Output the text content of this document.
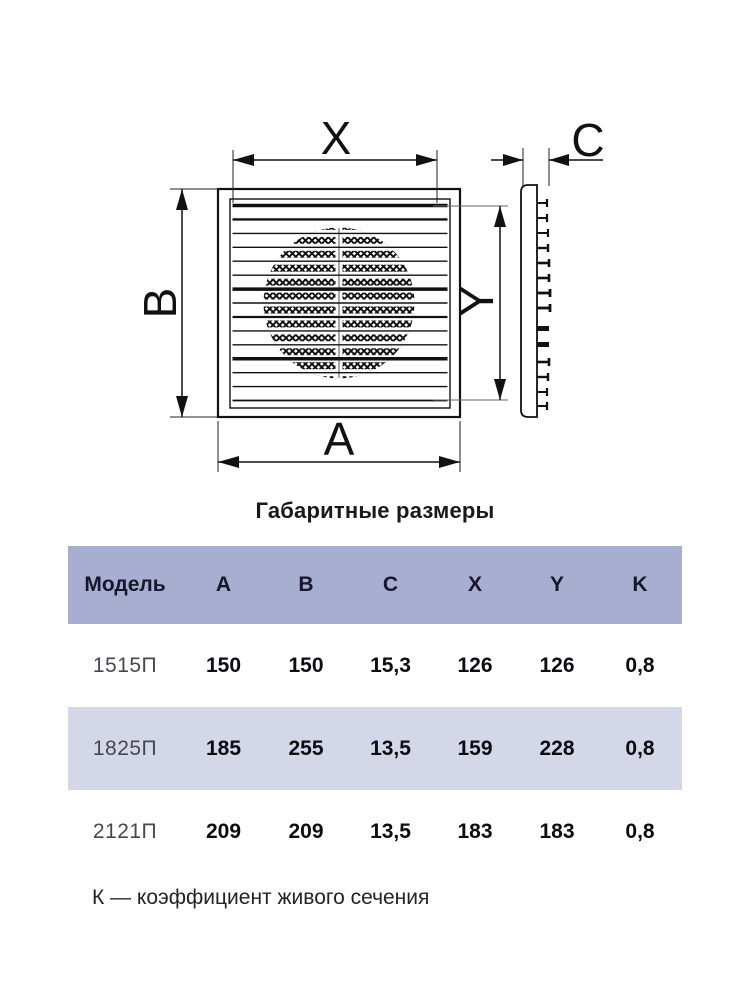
X	C
B	Y
A
Габаритные размеры
Модель	A	B	C	X	Y	K
1515П	150	150	15,3	126	126	0,8
1825П	185	255	13,5	159	228	0,8
2121П	209	209	13,5	183	183	0,8
К — коэффициент живого сечения
